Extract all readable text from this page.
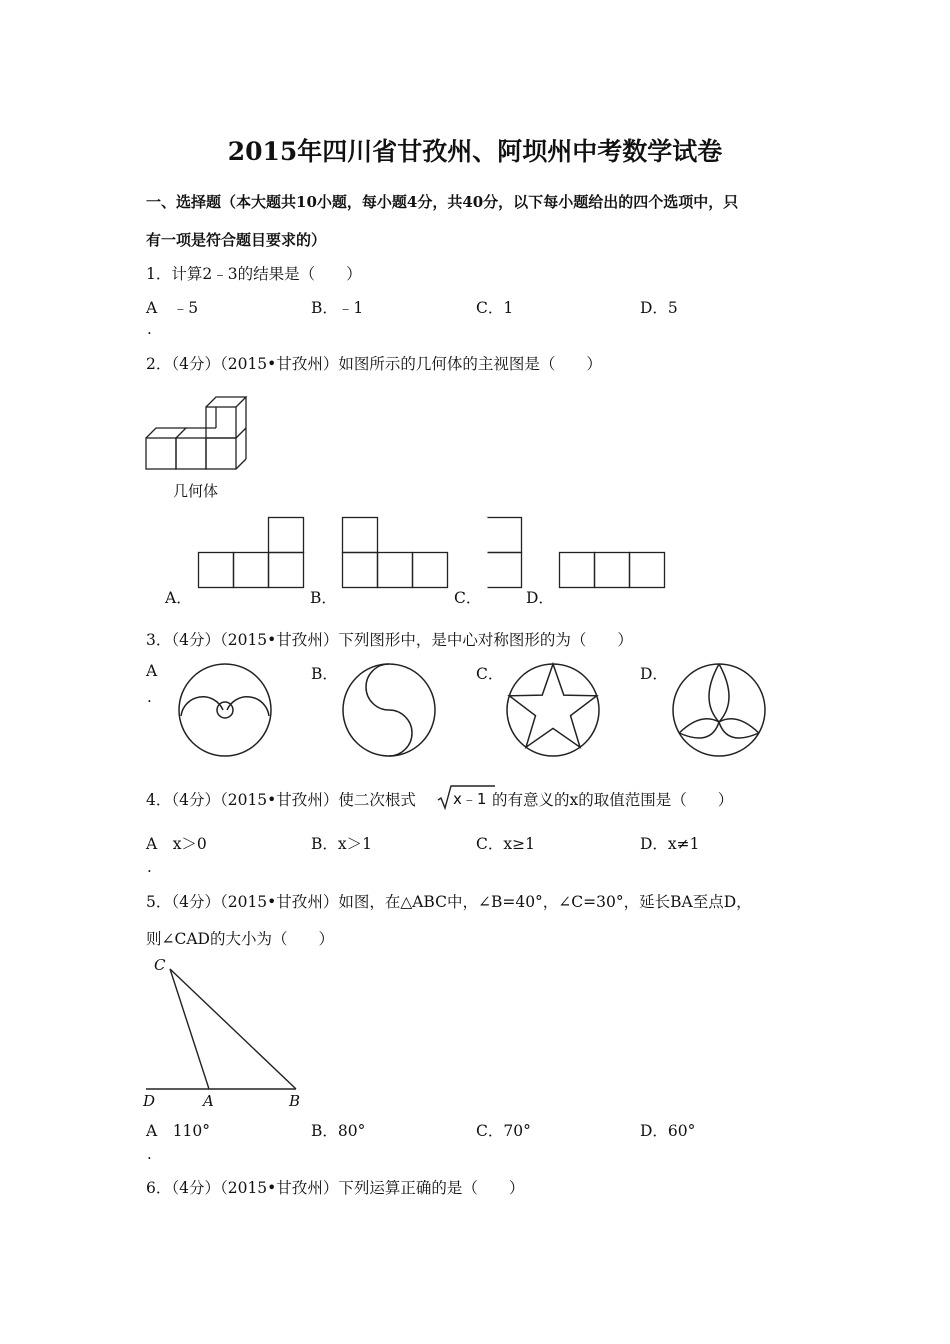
2015年四川省甘孜州、阿坝州中考数学试卷
一、选择题（本大题共10小题，每小题4分，共40分，以下每小题给出的四个选项中，只
有一项是符合题目要求的）
1．计算2﹣3的结果是（　　）
A　﹣5
.
B．﹣1	C．1	D．5
2．（4分）（2015•甘孜州）如图所示的几何体的主视图是（　　）
几何体
A．	B．	C．	D．
3．（4分）（2015•甘孜州）下列图形中，是中心对称图形的为（　　）
A
.
B．	C．	D．
4．（4分）（2015•甘孜州）使二次根式 x﹣1 的有意义的x的取值范围是（　　）
A　x＞0
.
B．x＞1	C．x≥1	D．x≠1
5．（4分）（2015•甘孜州）如图，在△ABC中，∠B=40°，∠C=30°，延长BA至点D，
则∠CAD的大小为（　　）
C
D	A	B
A　110°
.
B．80°	C．70°	D．60°
6．（4分）（2015•甘孜州）下列运算正确的是（　　）
